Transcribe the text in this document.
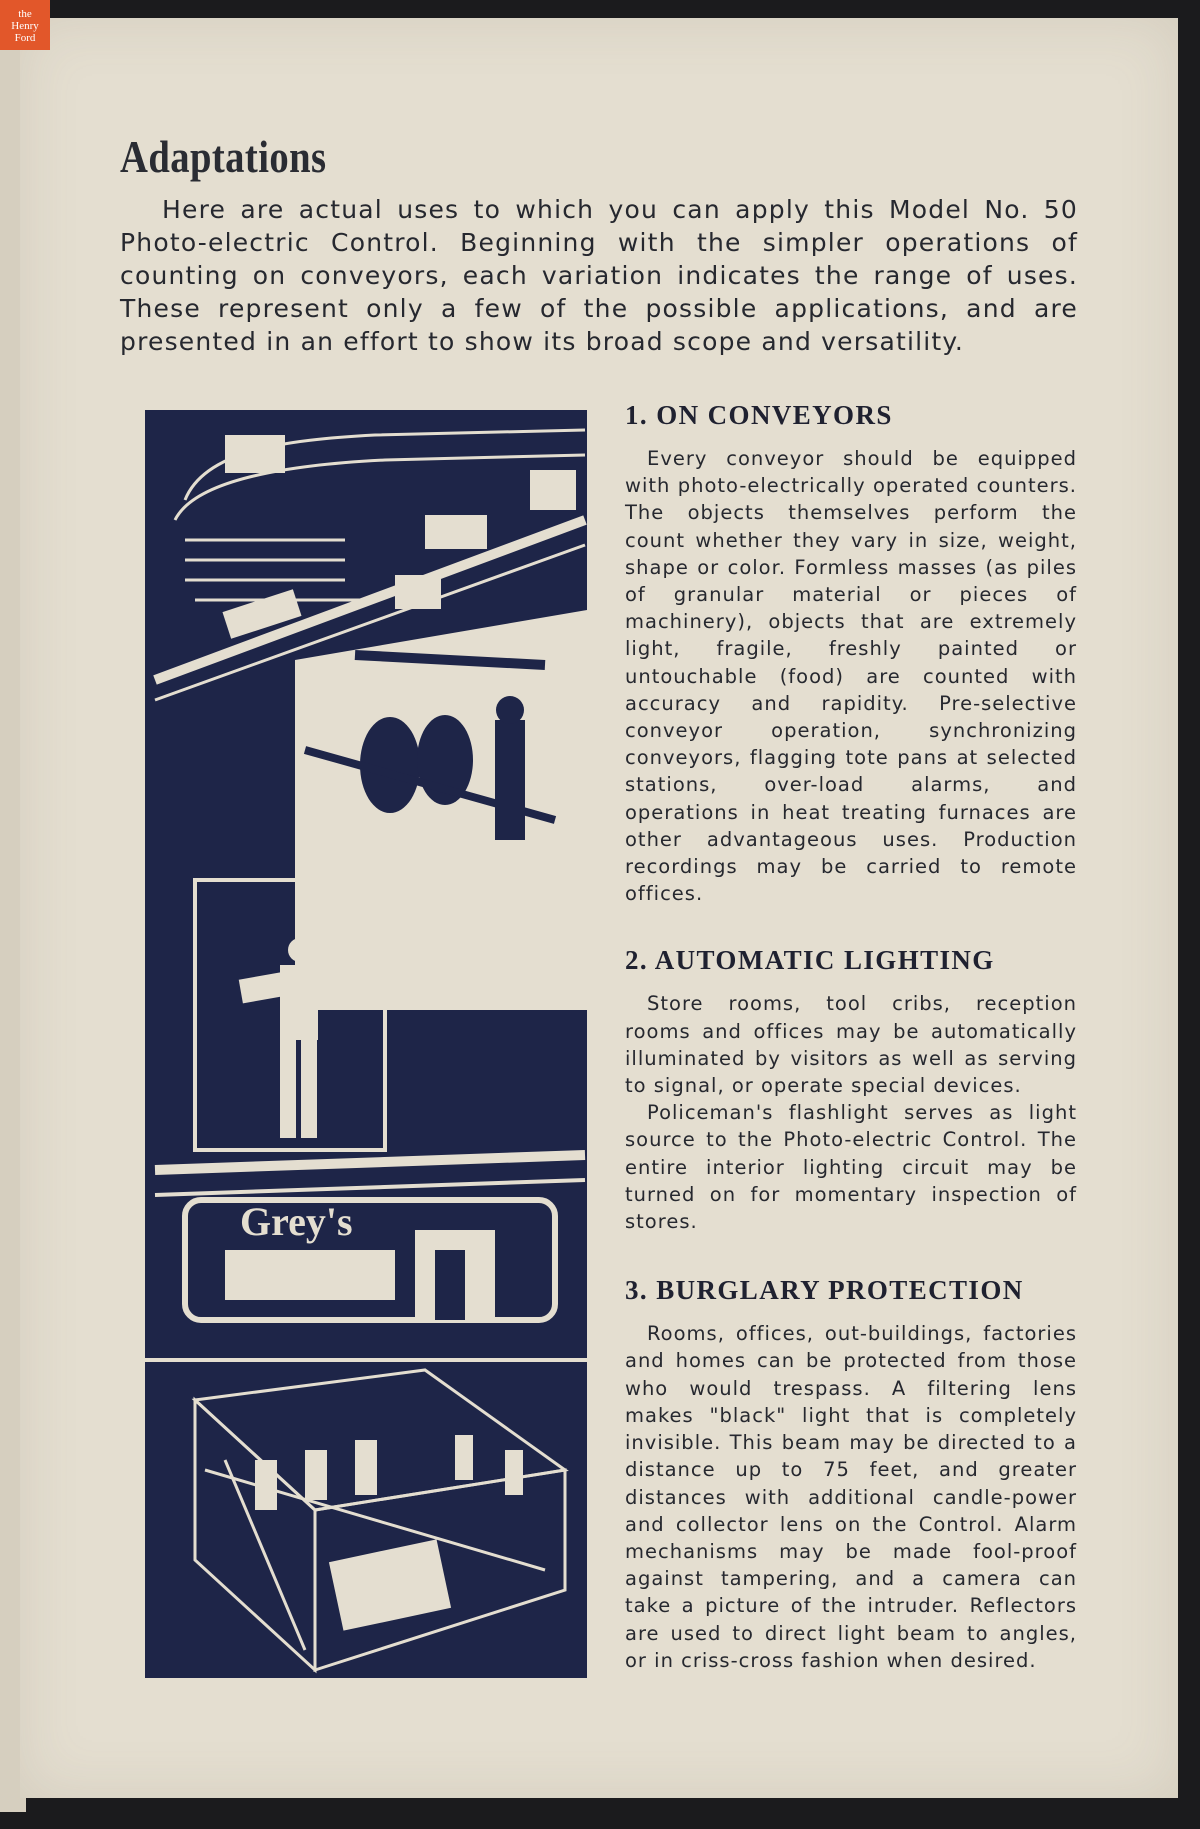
the
Henry
Ford
Adaptations

Here are actual uses to which you can apply this Model No. 50 Photo-electric Control. Beginning with the simpler operations of counting on conveyors, each variation indicates the range of uses. These represent only a few of the possible applications, and are presented in an effort to show its broad scope and versatility.

Grey's
1. ON CONVEYORS

Every conveyor should be equipped with photo-electrically operated counters. The objects themselves perform the count whether they vary in size, weight, shape or color. Formless masses (as piles of granular material or pieces of machinery), objects that are extremely light, fragile, freshly painted or untouchable (food) are counted with accuracy and rapidity. Pre-selective conveyor operation, synchronizing conveyors, flagging tote pans at selected stations, over-load alarms, and operations in heat treating furnaces are other advantageous uses. Production recordings may be carried to remote offices.

2. AUTOMATIC LIGHTING

Store rooms, tool cribs, reception rooms and offices may be automatically illuminated by visitors as well as serving to signal, or operate special devices.

Policeman's flashlight serves as light source to the Photo-electric Control. The entire interior lighting circuit may be turned on for momentary inspection of stores.

3. BURGLARY PROTECTION

Rooms, offices, out-buildings, factories and homes can be protected from those who would trespass. A filtering lens makes "black" light that is completely invisible. This beam may be directed to a distance up to 75 feet, and greater distances with additional candle-power and collector lens on the Control. Alarm mechanisms may be made fool-proof against tampering, and a camera can take a picture of the intruder. Reflectors are used to direct light beam to angles, or in criss-cross fashion when desired.
